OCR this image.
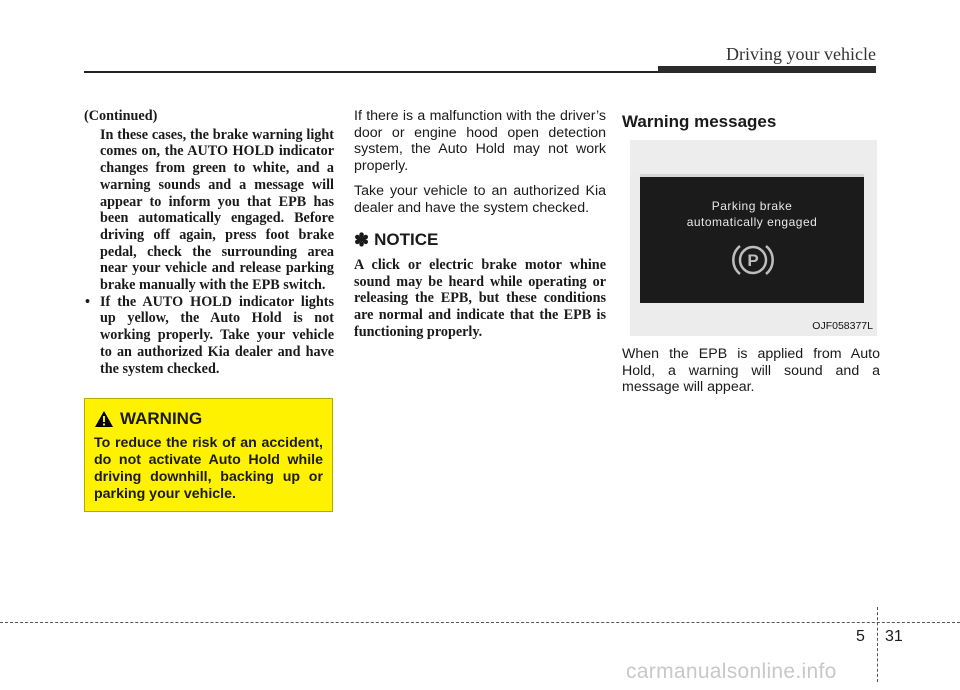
Driving your vehicle
(Continued)

In these cases, the brake warning light comes on, the AUTO HOLD indicator changes from green to white, and a warning sounds and a message will appear to inform you that EPB has been automatically engaged. Before driving off again, press foot brake pedal, check the surrounding area near your vehicle and release parking brake manually with the EPB switch.

• If the AUTO HOLD indicator lights up yellow, the Auto Hold is not working properly. Take your vehicle to an authorized Kia dealer and have the system checked.
WARNING
To reduce the risk of an accident, do not activate Auto Hold while driving downhill, backing up or parking your vehicle.

If there is a malfunction with the driver’s door or engine hood open detection system, the Auto Hold may not work properly.

Take your vehicle to an authorized Kia dealer and have the system checked.

✽ NOTICE
A click or electric brake motor whine sound may be heard while operating or releasing the EPB, but these conditions are normal and indicate that the EPB is functioning properly.
Warning messages
Parking brake
automatically engaged
P
OJF058377L
When the EPB is applied from Auto Hold, a warning will sound and a message will appear.
5 31
carmanualsonline.info
